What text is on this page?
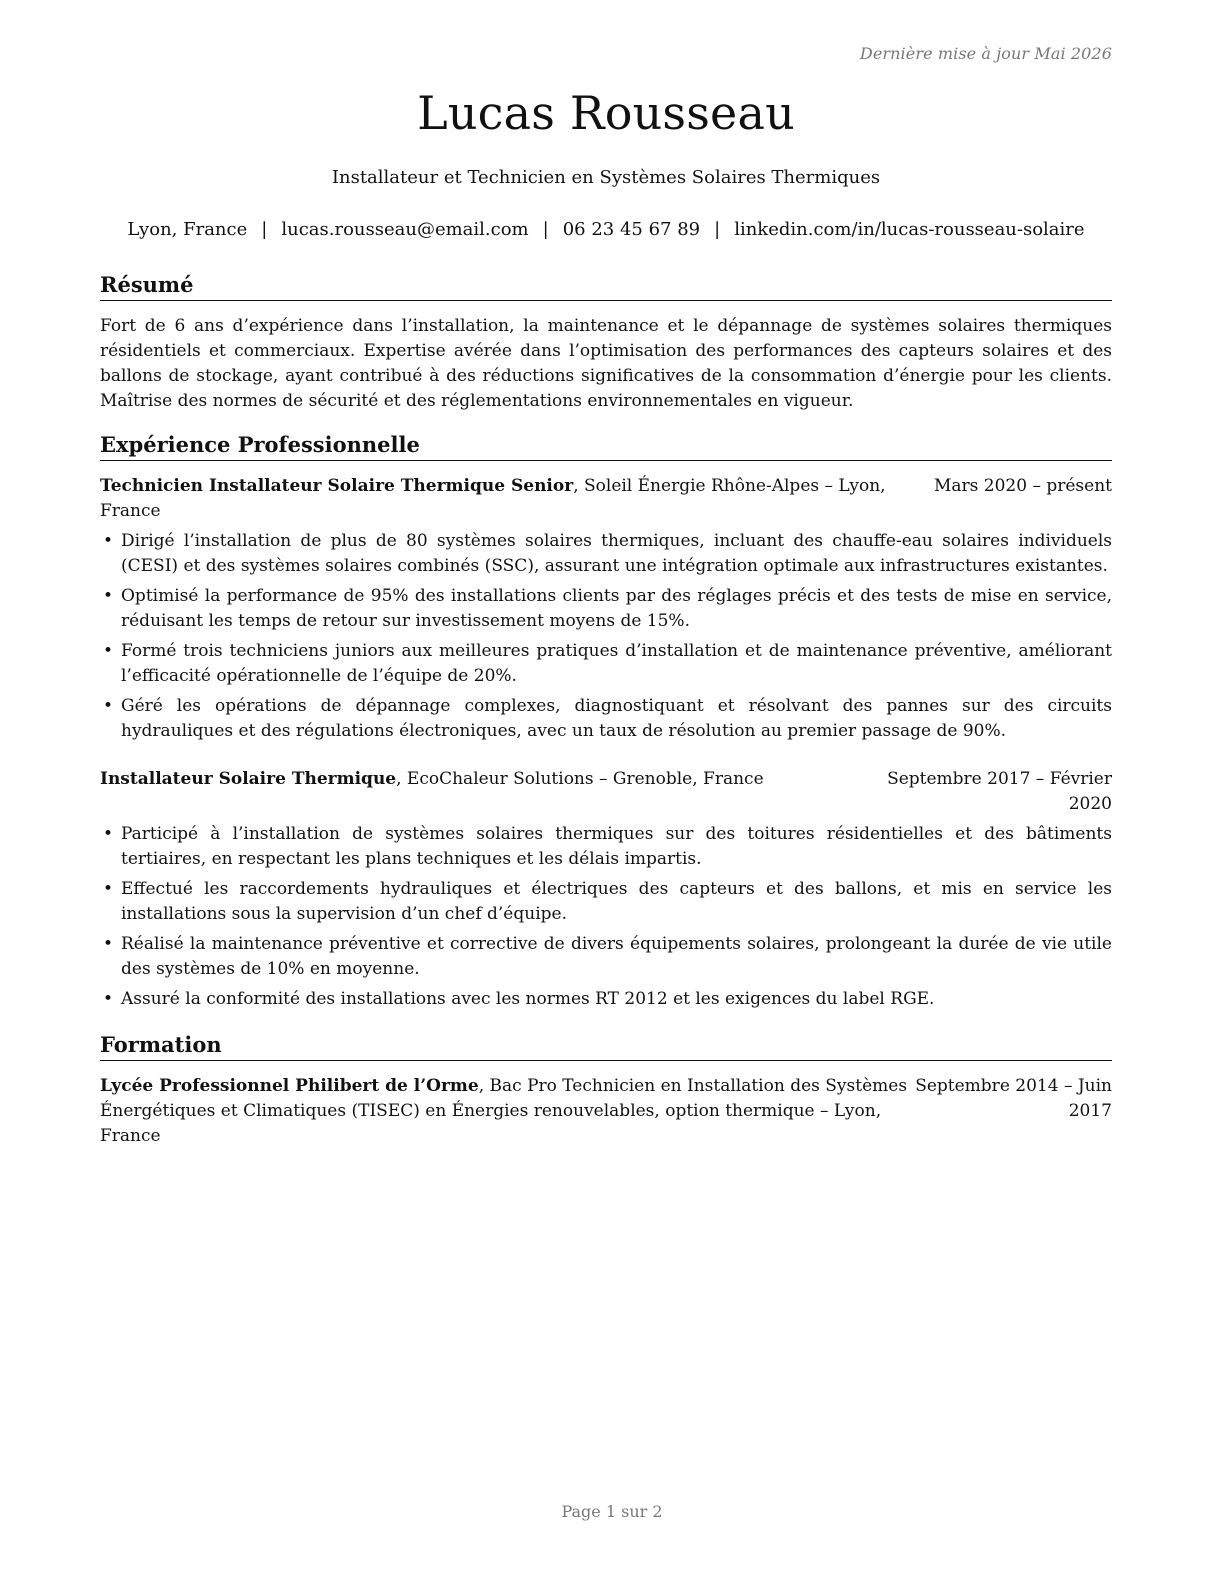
Dernière mise à jour Mai 2026
Lucas Rousseau
Installateur et Technicien en Systèmes Solaires Thermiques
Lyon, France | lucas.rousseau@email.com | 06 23 45 67 89 | linkedin.com/in/lucas-rousseau-solaire
Résumé
Fort de 6 ans d’expérience dans l’installation, la maintenance et le dépannage de systèmes solaires thermiques résidentiels et commerciaux. Expertise avérée dans l’optimisation des performances des capteurs solaires et des ballons de stockage, ayant contribué à des réductions significatives de la consommation d’énergie pour les clients. Maîtrise des normes de sécurité et des réglementations environnementales en vigueur.
Expérience Professionnelle
Technicien Installateur Solaire Thermique Senior, Soleil Énergie Rhône-Alpes – Lyon,
France
Mars 2020 – présent
• Dirigé l’installation de plus de 80 systèmes solaires thermiques, incluant des chauffe-eau solaires individuels (CESI) et des systèmes solaires combinés (SSC), assurant une intégration optimale aux infrastructures existantes.
• Optimisé la performance de 95% des installations clients par des réglages précis et des tests de mise en service, réduisant les temps de retour sur investissement moyens de 15%.
• Formé trois techniciens juniors aux meilleures pratiques d’installation et de maintenance préventive, améliorant l’efficacité opérationnelle de l’équipe de 20%.
• Géré les opérations de dépannage complexes, diagnostiquant et résolvant des pannes sur des circuits hydrauliques et des régulations électroniques, avec un taux de résolution au premier passage de 90%.
Installateur Solaire Thermique, EcoChaleur Solutions – Grenoble, France	Septembre 2017 – Février
2020
• Participé à l’installation de systèmes solaires thermiques sur des toitures résidentielles et des bâtiments tertiaires, en respectant les plans techniques et les délais impartis.
• Effectué les raccordements hydrauliques et électriques des capteurs et des ballons, et mis en service les installations sous la supervision d’un chef d’équipe.
• Réalisé la maintenance préventive et corrective de divers équipements solaires, prolongeant la durée de vie utile des systèmes de 10% en moyenne.
• Assuré la conformité des installations avec les normes RT 2012 et les exigences du label RGE.
Formation
Lycée Professionnel Philibert de l’Orme, Bac Pro Technicien en Installation des Systèmes
Énergétiques et Climatiques (TISEC) en Énergies renouvelables, option thermique – Lyon,
France
Septembre 2014 – Juin
2017
Page 1 sur 2
